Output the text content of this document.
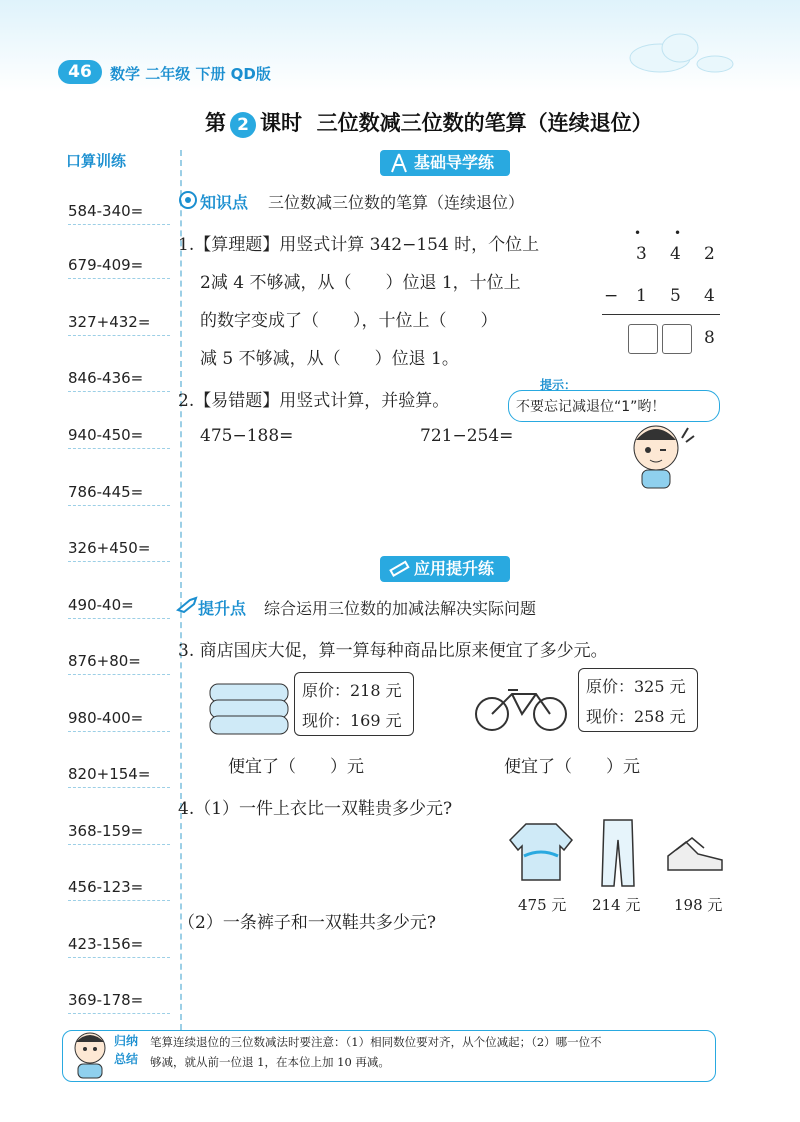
46	数学 二年级 下册 QD版
第 2 课时 三位数减三位数的笔算（连续退位）
口算训练
584-340=
679-409=
327+432=
846-436=
940-450=
786-445=
326+450=
490-40=
876+80=
980-400=
820+154=
368-159=
456-123=
423-156=
369-178=
基础导学练
知识点 三位数减三位数的笔算（连续退位）
1.【算理题】用竖式计算 342−154 时，个位上
2减 4 不够减，从（　　）位退 1，十位上
的数字变成了（　　），十位上（　　）
减 5 不够减，从（　　）位退 1。
•	•
3 4 2
− 1 5 4
8
2.【易错题】用竖式计算，并验算。
475−188=	721−254=
提示：
不要忘记减退位“1”哟！
应用提升练
提升点 综合运用三位数的加减法解决实际问题
3. 商店国庆大促，算一算每种商品比原来便宜了多少元。
原价：218 元
现价：169 元
便宜了（　　）元
原价：325 元
现价：258 元
便宜了（　　）元
4.（1）一件上衣比一双鞋贵多少元?
（2）一条裤子和一双鞋共多少元?
475 元 214 元 198 元
归纳
总结
笔算连续退位的三位数减法时要注意：（1）相同数位要对齐，从个位减起；（2）哪一位不
够减，就从前一位退 1，在本位上加 10 再减。
